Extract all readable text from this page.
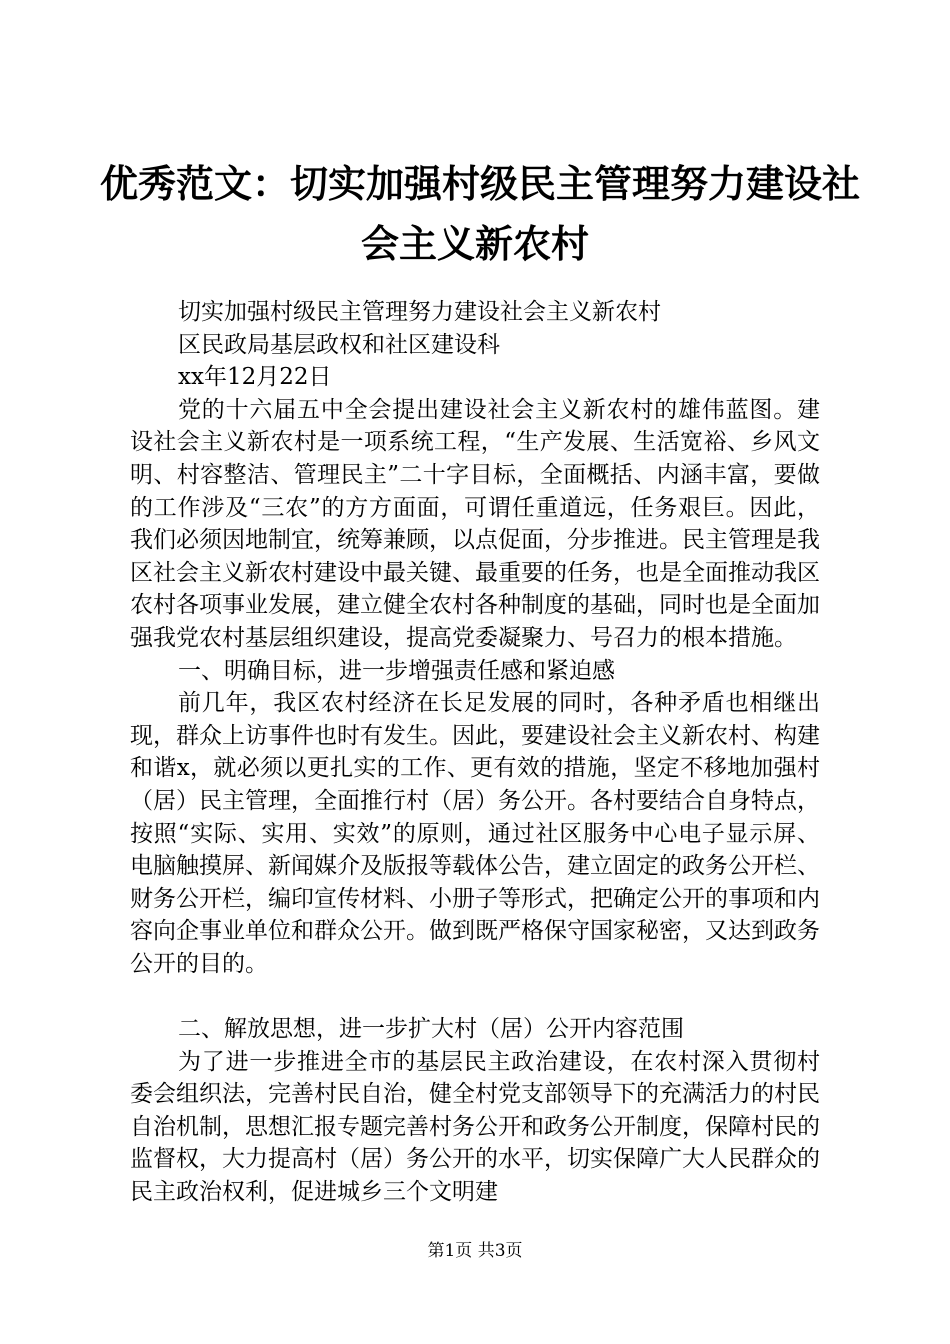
优秀范文：切实加强村级民主管理努力建设社
会主义新农村

切实加强村级民主管理努力建设社会主义新农村

区民政局基层政权和社区建设科

xx年12月22日

党的十六届五中全会提出建设社会主义新农村的雄伟蓝图。建设社会主义新农村是一项系统工程，“生产发展、生活宽裕、乡风文明、村容整洁、管理民主”二十字目标，全面概括、内涵丰富，要做的工作涉及“三农”的方方面面，可谓任重道远，任务艰巨。因此，我们必须因地制宜，统筹兼顾，以点促面，分步推进。民主管理是我区社会主义新农村建设中最关键、最重要的任务，也是全面推动我区农村各项事业发展，建立健全农村各种制度的基础，同时也是全面加强我党农村基层组织建设，提高党委凝聚力、号召力的根本措施。

一、明确目标，进一步增强责任感和紧迫感

前几年，我区农村经济在长足发展的同时，各种矛盾也相继出现，群众上访事件也时有发生。因此，要建设社会主义新农村、构建和谐x，就必须以更扎实的工作、更有效的措施，坚定不移地加强村（居）民主管理，全面推行村（居）务公开。各村要结合自身特点，按照“实际、实用、实效”的原则，通过社区服务中心电子显示屏、电脑触摸屏、新闻媒介及版报等载体公告，建立固定的政务公开栏、财务公开栏，编印宣传材料、小册子等形式，把确定公开的事项和内容向企事业单位和群众公开。做到既严格保守国家秘密，又达到政务公开的目的。

二、解放思想，进一步扩大村（居）公开内容范围

为了进一步推进全市的基层民主政治建设，在农村深入贯彻村委会组织法，完善村民自治，健全村党支部领导下的充满活力的村民自治机制，思想汇报专题完善村务公开和政务公开制度，保障村民的监督权，大力提高村（居）务公开的水平，切实保障广大人民群众的民主政治权利，促进城乡三个文明建

第1页 共3页
